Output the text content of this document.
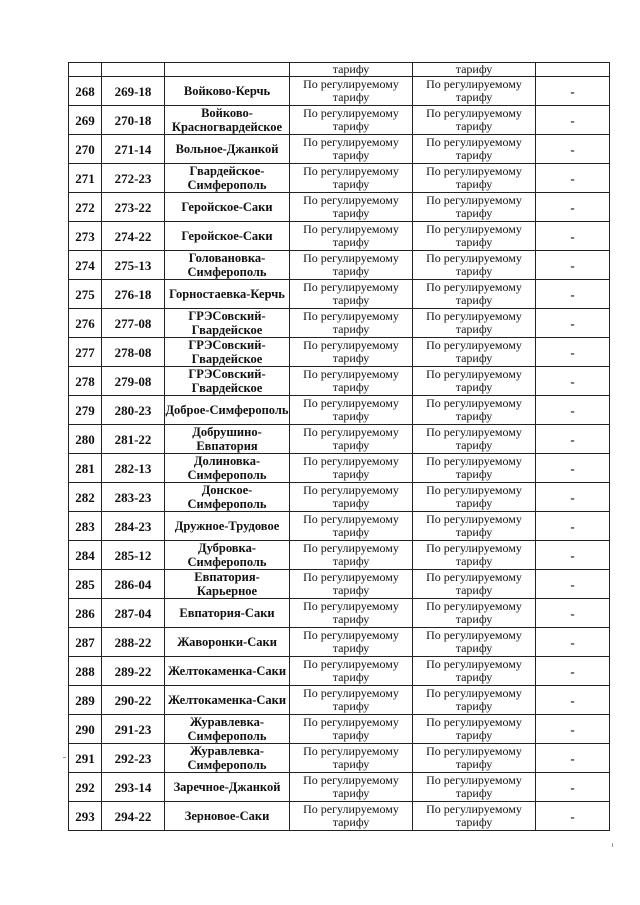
			тарифу	тарифу	
268	269-18	Войково-Керчь	По регулируемому тарифу	По регулируемому тарифу	-
269	270-18	Войково-Красногвардейское	По регулируемому тарифу	По регулируемому тарифу	-
270	271-14	Вольное-Джанкой	По регулируемому тарифу	По регулируемому тарифу	-
271	272-23	Гвардейское-Симферополь	По регулируемому тарифу	По регулируемому тарифу	-
272	273-22	Геройское-Саки	По регулируемому тарифу	По регулируемому тарифу	-
273	274-22	Геройское-Саки	По регулируемому тарифу	По регулируемому тарифу	-
274	275-13	Голованoвка-Симферополь	По регулируемому тарифу	По регулируемому тарифу	-
275	276-18	Горностаевка-Керчь	По регулируемому тарифу	По регулируемому тарифу	-
276	277-08	ГРЭСовский-Гвардейское	По регулируемому тарифу	По регулируемому тарифу	-
277	278-08	ГРЭСовский-Гвардейское	По регулируемому тарифу	По регулируемому тарифу	-
278	279-08	ГРЭСовский-Гвардейское	По регулируемому тарифу	По регулируемому тарифу	-
279	280-23	Доброе-Симферополь	По регулируемому тарифу	По регулируемому тарифу	-
280	281-22	Добрушино-Евпатория	По регулируемому тарифу	По регулируемому тарифу	-
281	282-13	Долиновка-Симферополь	По регулируемому тарифу	По регулируемому тарифу	-
282	283-23	Донское-Симферополь	По регулируемому тарифу	По регулируемому тарифу	-
283	284-23	Дружное-Трудовое	По регулируемому тарифу	По регулируемому тарифу	-
284	285-12	Дубровка-Симферополь	По регулируемому тарифу	По регулируемому тарифу	-
285	286-04	Евпатория-Карьерное	По регулируемому тарифу	По регулируемому тарифу	-
286	287-04	Евпатория-Саки	По регулируемому тарифу	По регулируемому тарифу	-
287	288-22	Жаворонки-Саки	По регулируемому тарифу	По регулируемому тарифу	-
288	289-22	Желтокаменка-Саки	По регулируемому тарифу	По регулируемому тарифу	-
289	290-22	Желтокаменка-Саки	По регулируемому тарифу	По регулируемому тарифу	-
290	291-23	Журавлевка-Симферополь	По регулируемому тарифу	По регулируемому тарифу	-
291	292-23	Журавлевка-Симферополь	По регулируемому тарифу	По регулируемому тарифу	-
292	293-14	Заречное-Джанкой	По регулируемому тарифу	По регулируемому тарифу	-
293	294-22	Зерновое-Саки	По регулируемому тарифу	По регулируемому тарифу	-
